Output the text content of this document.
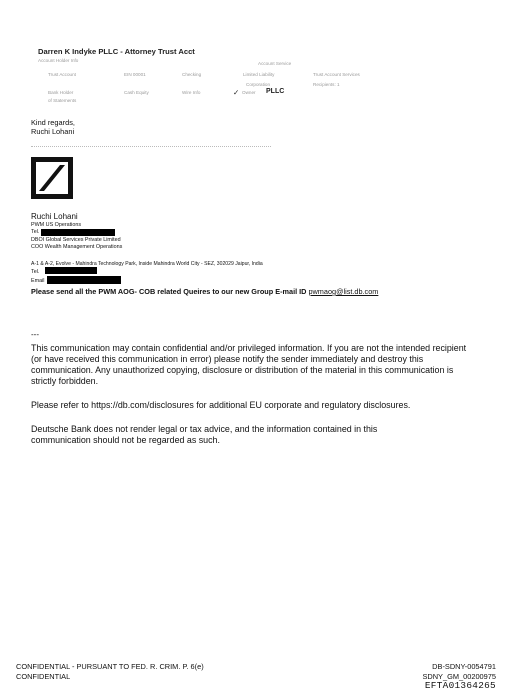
Darren K Indyke PLLC - Attorney Trust Acct
Account Holder Info
Account Service
Trust Account	EIN 00001	Checking	Limited Liability	Trust Account Services
Corporation	Recipients: 1
Bank Holder	Cash Equity	Wire Info	✓ Owner PLLC
of Statements
Kind regards,
Ruchi Lohani
Ruchi Lohani
PWM US Operations
Tel.
DBOI Global Services Private Limited
COO Wealth Management Operations
A-1 & A-2, Evolve - Mahindra Technology Park, Inside Mahindra World City - SEZ, 302029 Jaipur, India
Tel.
Email
Please send all the PWM AOG- COB related Queires to our new Group E-mail ID pwmaog@list.db.com
---
This communication may contain confidential and/or privileged information. If you are not the intended recipient (or have received this communication in error) please notify the sender immediately and destroy this communication. Any unauthorized copying, disclosure or distribution of the material in this communication is strictly forbidden.
Please refer to https://db.com/disclosures for additional EU corporate and regulatory disclosures.
Deutsche Bank does not render legal or tax advice, and the information contained in this communication should not be regarded as such.
CONFIDENTIAL - PURSUANT TO FED. R. CRIM. P. 6(e)
CONFIDENTIAL
DB-SDNY-0054791
SDNY_GM_00200975
EFTA01364265
